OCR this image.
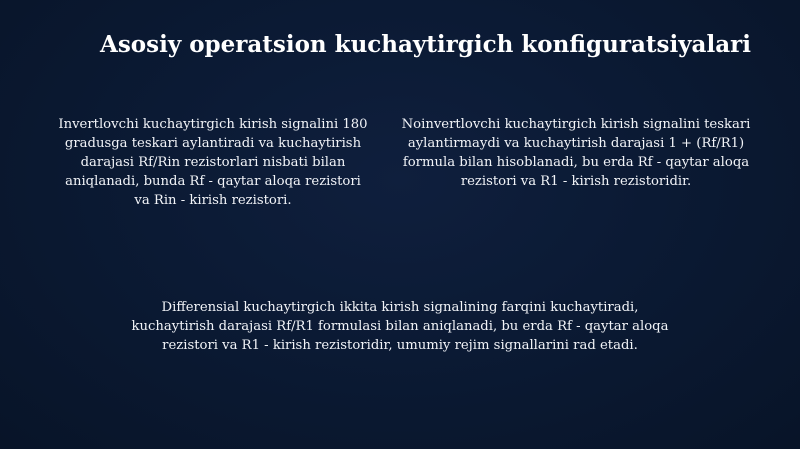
Asosiy operatsion kuchaytirgich konfiguratsiyalari
Invertlovchi kuchaytirgich kirish signalini 180 gradusga teskari aylantiradi va kuchaytirish darajasi Rf/Rin rezistorlari nisbati bilan aniqlanadi, bunda Rf - qaytar aloqa rezistori va Rin - kirish rezistori.
Noinvertlovchi kuchaytirgich kirish signalini teskari aylantirmaydi va kuchaytirish darajasi 1 + (Rf/R1) formula bilan hisoblanadi, bu erda Rf - qaytar aloqa rezistori va R1 - kirish rezistoridir.
Differensial kuchaytirgich ikkita kirish signalining farqini kuchaytiradi, kuchaytirish darajasi Rf/R1 formulasi bilan aniqlanadi, bu erda Rf - qaytar aloqa rezistori va R1 - kirish rezistoridir, umumiy rejim signallarini rad etadi.
